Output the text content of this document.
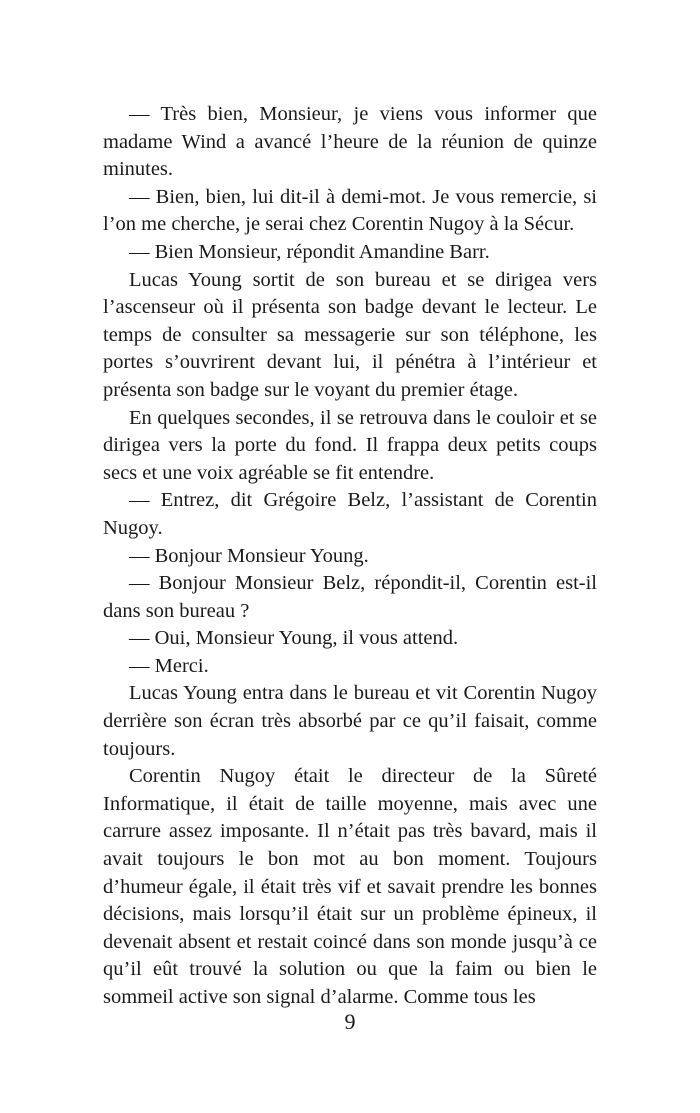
— Très bien, Monsieur, je viens vous informer que madame Wind a avancé l’heure de la réunion de quinze minutes.

— Bien, bien, lui dit-il à demi-mot. Je vous remercie, si l’on me cherche, je serai chez Corentin Nugoy à la Sécur.

— Bien Monsieur, répondit Amandine Barr.

Lucas Young sortit de son bureau et se dirigea vers l’ascenseur où il présenta son badge devant le lecteur. Le temps de consulter sa messagerie sur son téléphone, les portes s’ouvrirent devant lui, il pénétra à l’intérieur et présenta son badge sur le voyant du premier étage.

En quelques secondes, il se retrouva dans le couloir et se dirigea vers la porte du fond. Il frappa deux petits coups secs et une voix agréable se fit entendre.

— Entrez, dit Grégoire Belz, l’assistant de Corentin Nugoy.

— Bonjour Monsieur Young.

— Bonjour Monsieur Belz, répondit-il, Corentin est-il dans son bureau ?

— Oui, Monsieur Young, il vous attend.

— Merci.

Lucas Young entra dans le bureau et vit Corentin Nugoy derrière son écran très absorbé par ce qu’il faisait, comme toujours.

Corentin Nugoy était le directeur de la Sûreté Informatique, il était de taille moyenne, mais avec une carrure assez imposante. Il n’était pas très bavard, mais il avait toujours le bon mot au bon moment. Toujours d’humeur égale, il était très vif et savait prendre les bonnes décisions, mais lorsqu’il était sur un problème épineux, il devenait absent et restait coincé dans son monde jusqu’à ce qu’il eût trouvé la solution ou que la faim ou bien le sommeil active son signal d’alarme. Comme tous les

9
